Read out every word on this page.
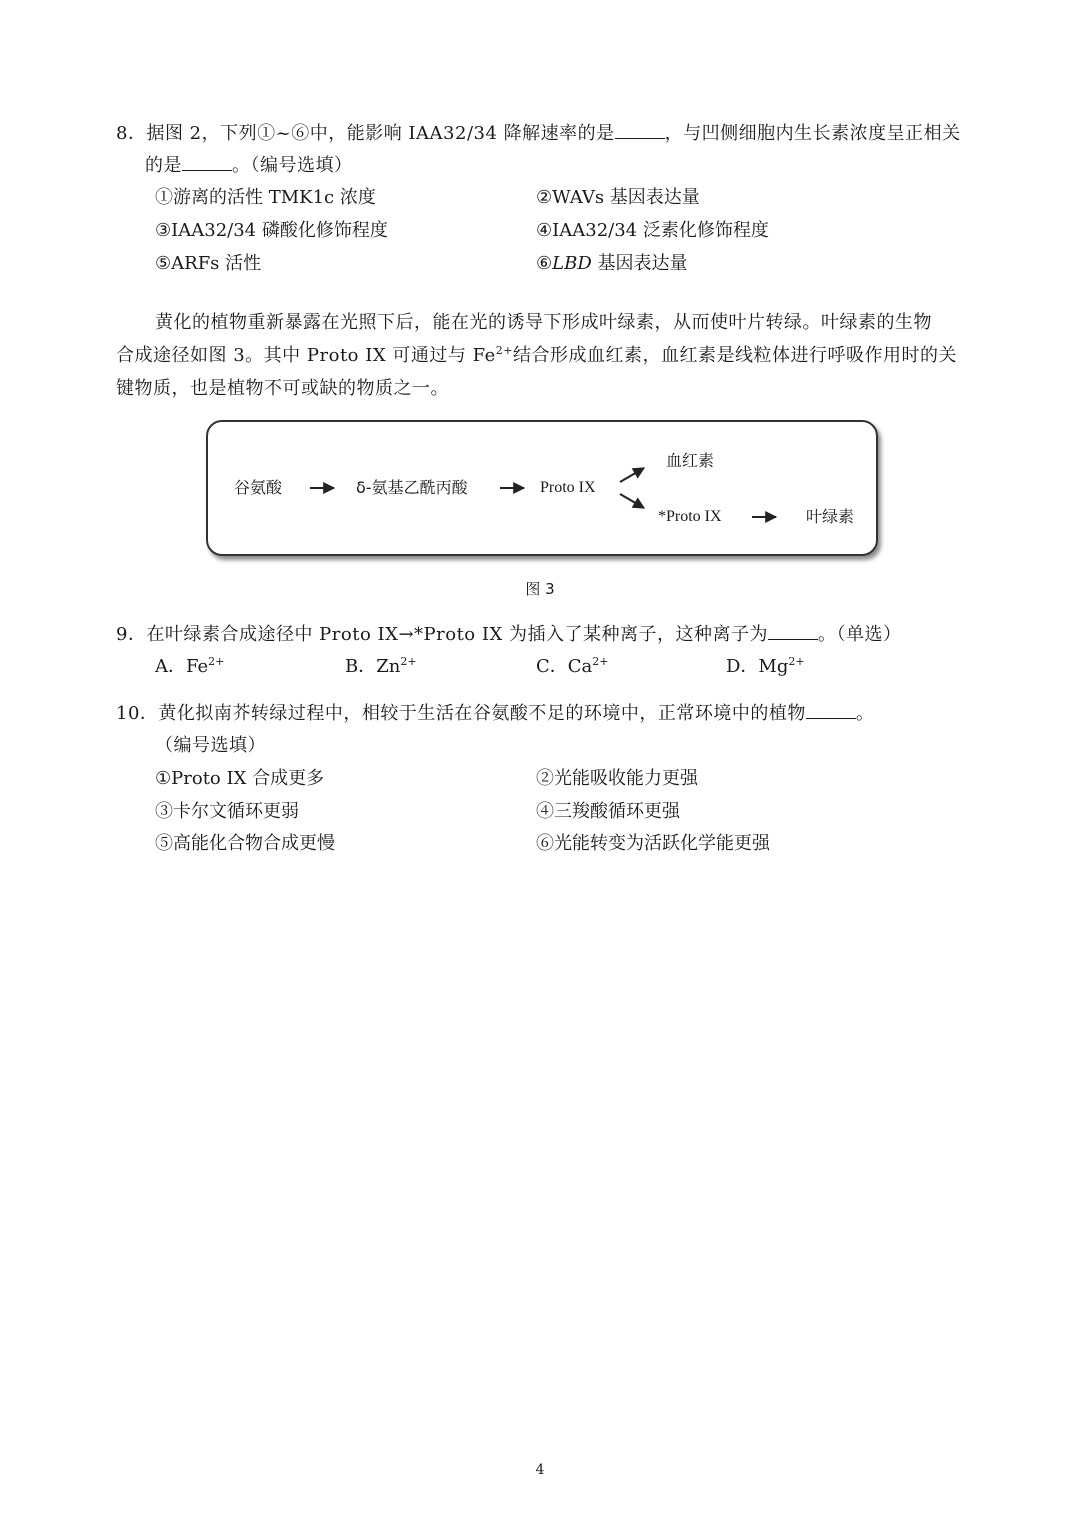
8．据图 2，下列①~⑥中，能影响 IAA32/34 降解速率的是	，与凹侧细胞内生长素浓度呈正相关
的是	。（编号选填）
①游离的活性 TMK1c 浓度	②WAVs 基因表达量
③IAA32/34 磷酸化修饰程度	④IAA32/34 泛素化修饰程度
⑤ARFs 活性	⑥LBD 基因表达量
黄化的植物重新暴露在光照下后，能在光的诱导下形成叶绿素，从而使叶片转绿。叶绿素的生物
合成途径如图 3。其中 Proto IX 可通过与 $Fe^{2+}$结合形成血红素，血红素是线粒体进行呼吸作用时的关
键物质，也是植物不可或缺的物质之一。
谷氨酸	δ-氨基乙酰丙酸	Proto IX
血红素
*Proto IX	叶绿素
图 3
9．在叶绿素合成途径中 Proto IX→*Proto IX 为插入了某种离子，这种离子为	。（单选）
A．$Fe^{2+}$	B．$Zn^{2+}$	C．$Ca^{2+}$	D．$Mg^{2+}$
10．黄化拟南芥转绿过程中，相较于生活在谷氨酸不足的环境中，正常环境中的植物	。
（编号选填）
①Proto IX 合成更多	②光能吸收能力更强
③卡尔文循环更弱	④三羧酸循环更强
⑤高能化合物合成更慢	⑥光能转变为活跃化学能更强
4
